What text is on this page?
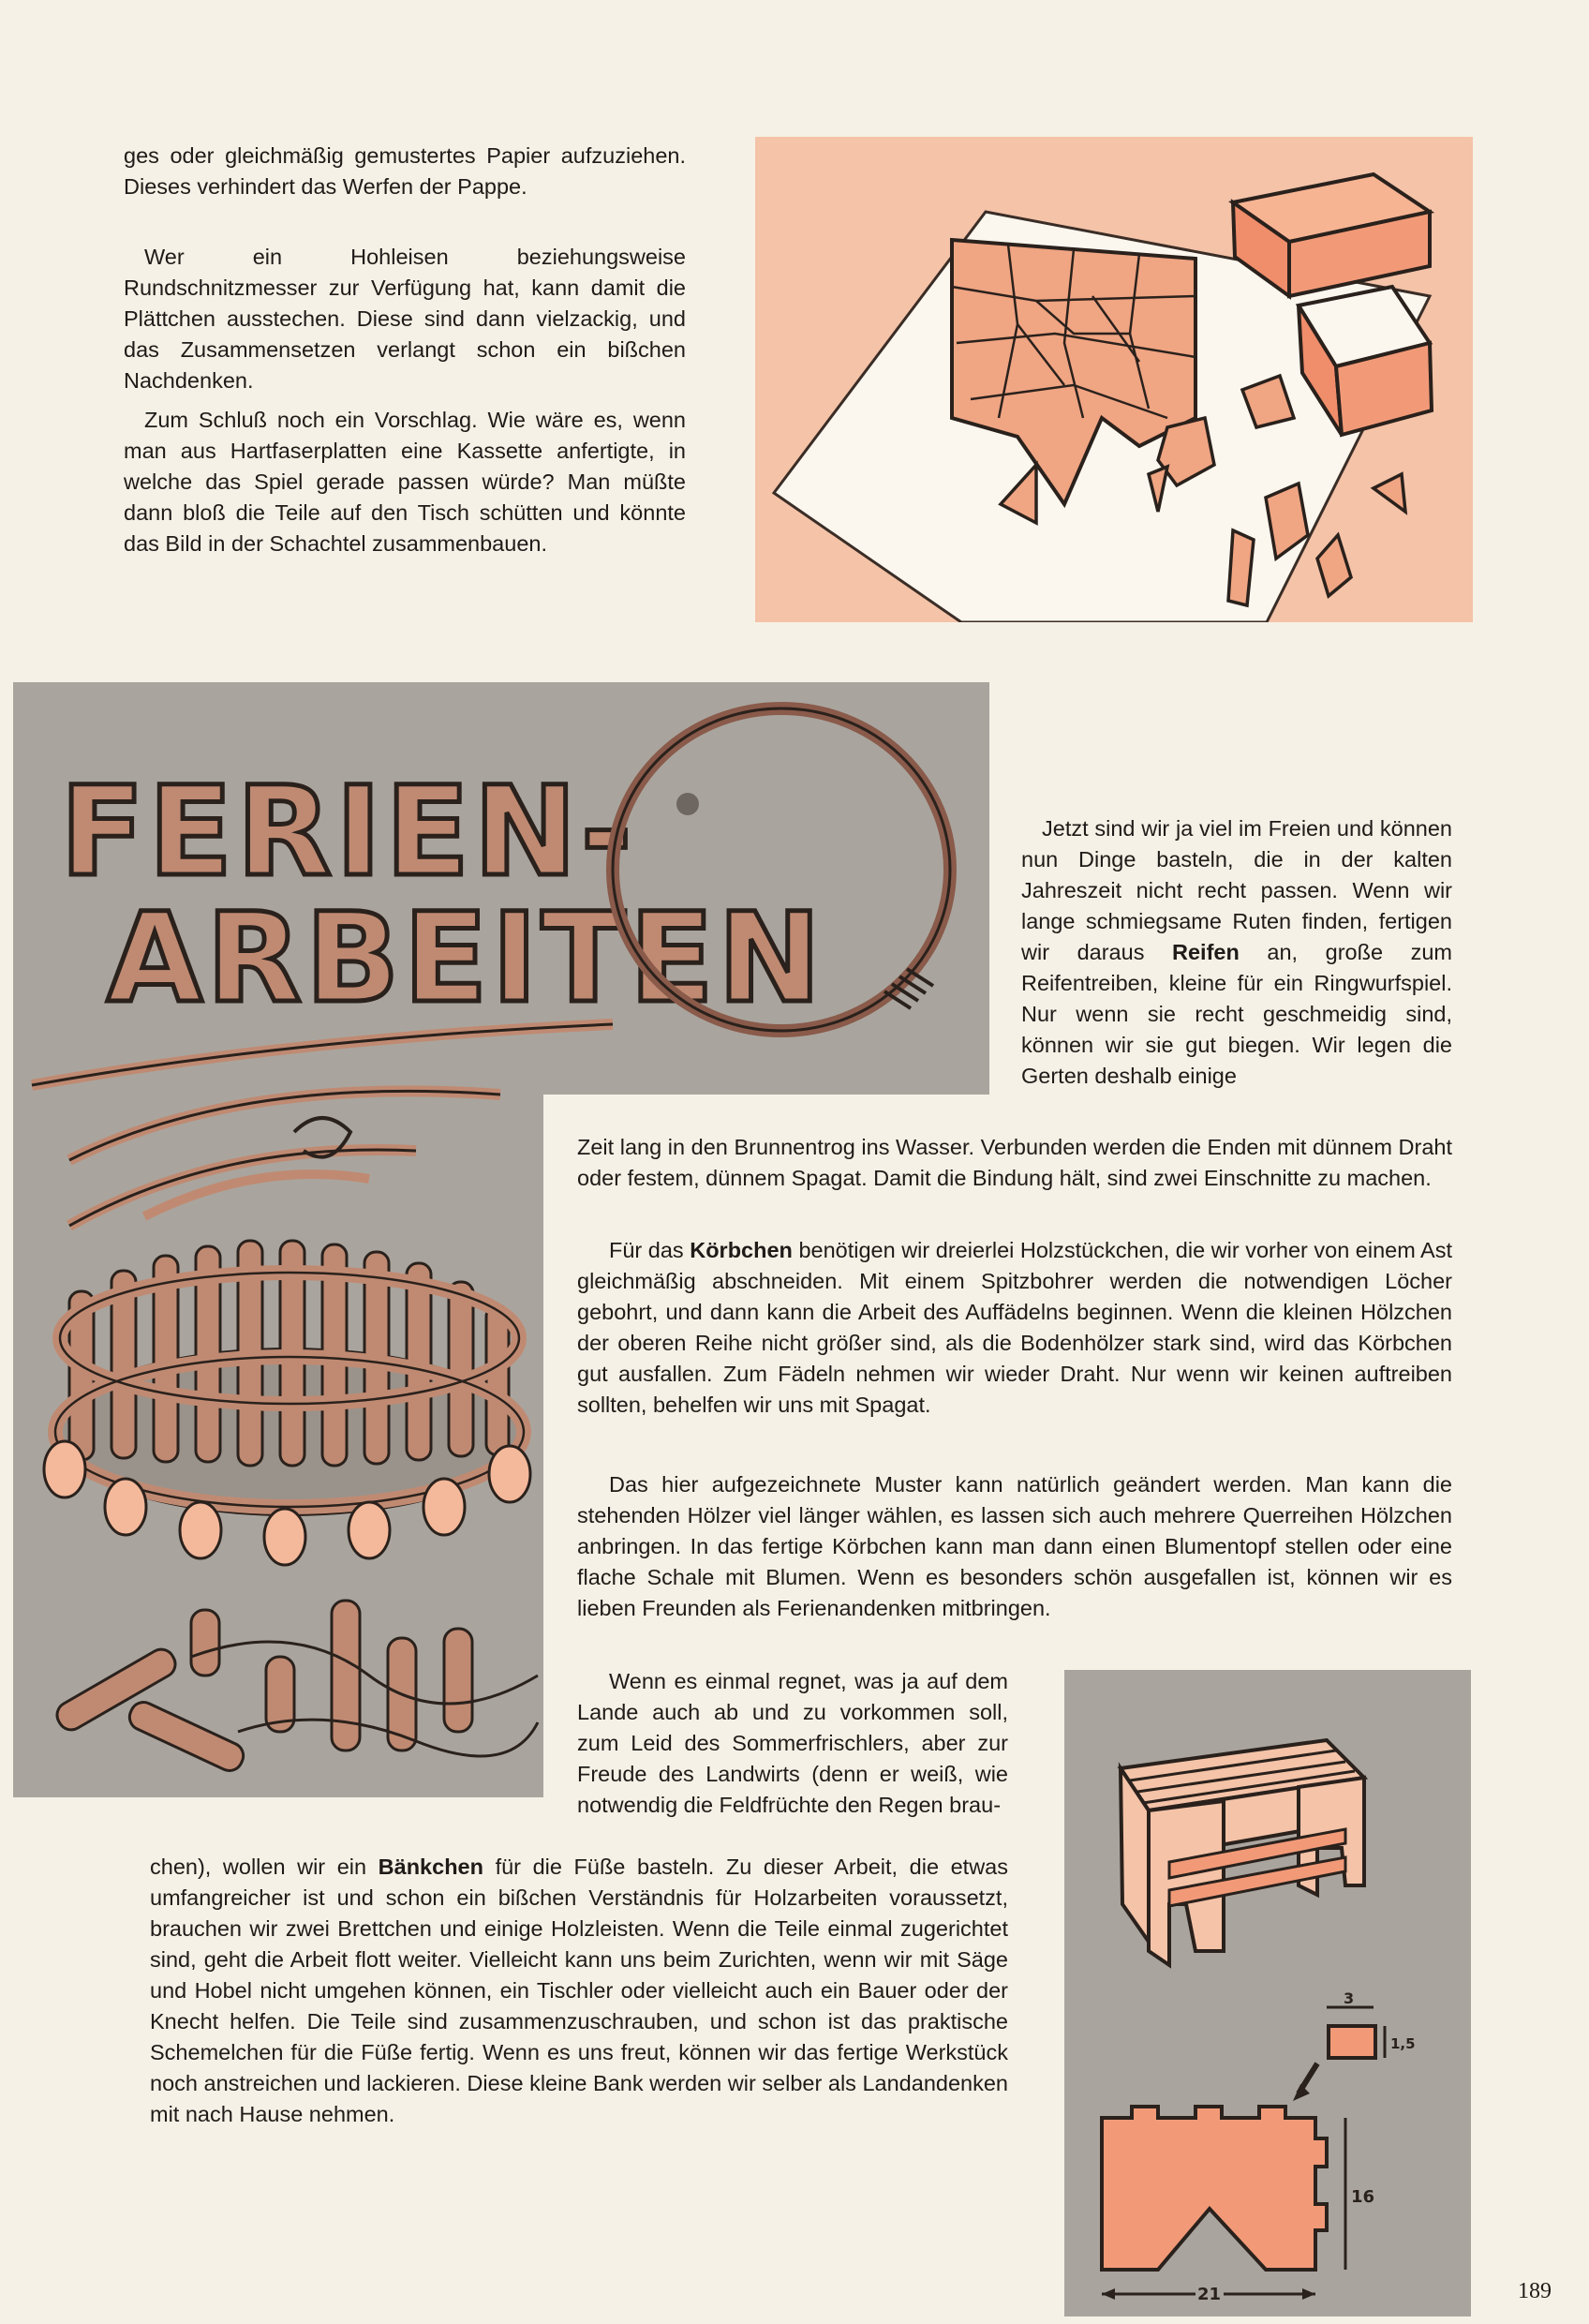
ges oder gleichmäßig gemustertes Papier aufzuziehen. Dieses verhindert das Werfen der Pappe.

Wer ein Hohleisen beziehungsweise Rundschnitzmesser zur Verfügung hat, kann damit die Plättchen ausstechen. Diese sind dann vielzackig, und das Zusammensetzen verlangt schon ein bißchen Nachdenken.

Zum Schluß noch ein Vorschlag. Wie wäre es, wenn man aus Hartfaserplatten eine Kassette anfertigte, in welche das Spiel gerade passen würde? Man müßte dann bloß die Teile auf den Tisch schütten und könnte das Bild in der Schachtel zusammenbauen.

FERIEN-
ARBEITEN

Jetzt sind wir ja viel im Freien und können nun Dinge basteln, die in der kalten Jahreszeit nicht recht passen. Wenn wir lange schmiegsame Ruten finden, fertigen wir daraus Reifen an, große zum Reifentreiben, kleine für ein Ringwurfspiel. Nur wenn sie recht geschmeidig sind, können wir sie gut biegen. Wir legen die Gerten deshalb einige

Zeit lang in den Brunnentrog ins Wasser. Verbunden werden die Enden mit dünnem Draht oder festem, dünnem Spagat. Damit die Bindung hält, sind zwei Einschnitte zu machen.

Für das Körbchen benötigen wir dreierlei Holzstückchen, die wir vorher von einem Ast gleichmäßig abschneiden. Mit einem Spitzbohrer werden die notwendigen Löcher gebohrt, und dann kann die Arbeit des Auffädelns beginnen. Wenn die kleinen Hölzchen der oberen Reihe nicht größer sind, als die Bodenhölzer stark sind, wird das Körbchen gut ausfallen. Zum Fädeln nehmen wir wieder Draht. Nur wenn wir keinen auftreiben sollten, behelfen wir uns mit Spagat.

Das hier aufgezeichnete Muster kann natürlich geändert werden. Man kann die stehenden Hölzer viel länger wählen, es lassen sich auch mehrere Querreihen Hölzchen anbringen. In das fertige Körbchen kann man dann einen Blumentopf stellen oder eine flache Schale mit Blumen. Wenn es besonders schön ausgefallen ist, können wir es lieben Freunden als Ferienandenken mitbringen.

Wenn es einmal regnet, was ja auf dem Lande auch ab und zu vorkommen soll, zum Leid des Sommerfrischlers, aber zur Freude des Landwirts (denn er weiß, wie notwendig die Feldfrüchte den Regen brau-

chen), wollen wir ein Bänkchen für die Füße basteln. Zu dieser Arbeit, die etwas umfangreicher ist und schon ein bißchen Verständnis für Holzarbeiten voraussetzt, brauchen wir zwei Brettchen und einige Holzleisten. Wenn die Teile einmal zugerichtet sind, geht die Arbeit flott weiter. Vielleicht kann uns beim Zurichten, wenn wir mit Säge und Hobel nicht umgehen können, ein Tischler oder vielleicht auch ein Bauer oder der Knecht helfen. Die Teile sind zusammenzuschrauben, und schon ist das praktische Schemelchen für die Füße fertig. Wenn es uns freut, können wir das fertige Werkstück noch anstreichen und lackieren. Diese kleine Bank werden wir selber als Landandenken mit nach Hause nehmen.

3
1,5
16
21	189
